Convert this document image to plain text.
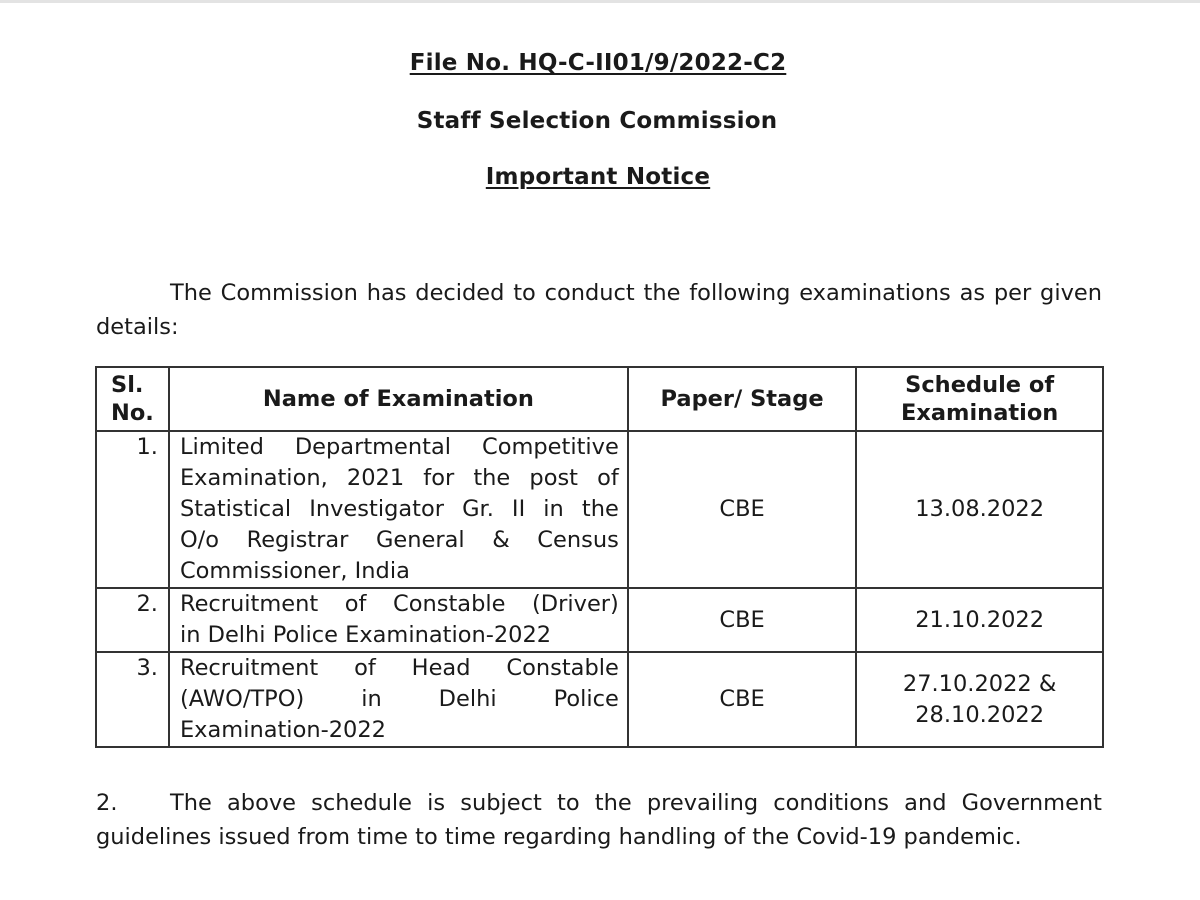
File No. HQ-C-II01/9/2022-C2
Staff Selection Commission
Important Notice
The Commission has decided to conduct the following examinations as per given details:
Sl.
No.	Name of Examination	Paper/ Stage	Schedule of
Examination

1.	Limited Departmental Competitive
Examination, 2021 for the post of
Statistical Investigator Gr. II in the
O/o Registrar General & Census
Commissioner, India	CBE	13.08.2022

2.	Recruitment of Constable (Driver)
in Delhi Police Examination-2022	CBE	21.10.2022

3.	Recruitment of Head Constable
(AWO/TPO) in Delhi Police
Examination-2022	CBE	27.10.2022 &
28.10.2022
2. The above schedule is subject to the prevailing conditions and Government guidelines issued from time to time regarding handling of the Covid-19 pandemic.
